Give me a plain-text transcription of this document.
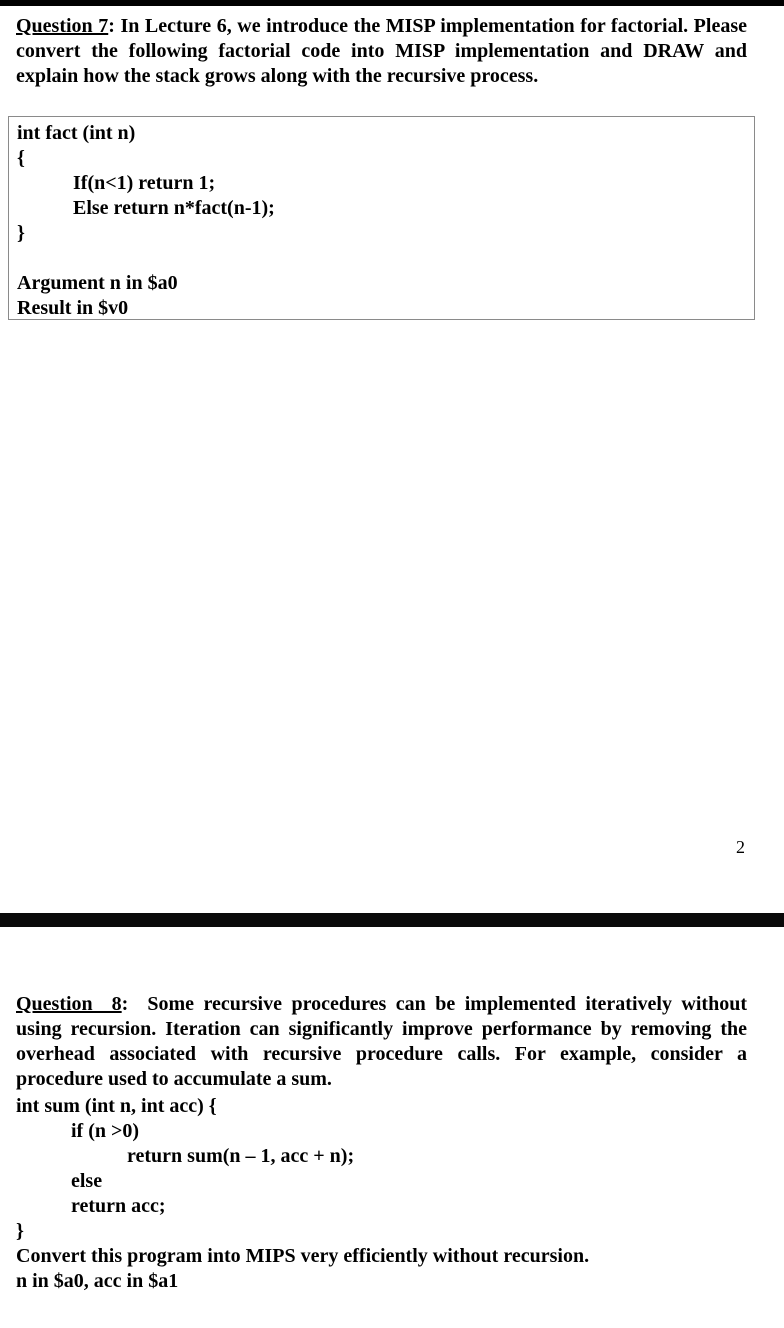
Question 7: In Lecture 6, we introduce the MISP implementation for factorial. Please convert the following factorial code into MISP implementation and DRAW and explain how the stack grows along with the recursive process.
int fact (int n)
{
If(n<1) return 1;
Else return n*fact(n-1);
}
Argument n in $a0
Result in $v0
2
Question  8:  Some recursive procedures can be implemented iteratively without using recursion. Iteration can significantly improve performance by removing the overhead associated with recursive procedure calls. For example, consider a procedure used to accumulate a sum.
int sum (int n, int acc) {
if (n >0)
return sum(n – 1, acc + n);
else
return acc;
}
Convert this program into MIPS very efficiently without recursion.
n in $a0, acc in $a1
